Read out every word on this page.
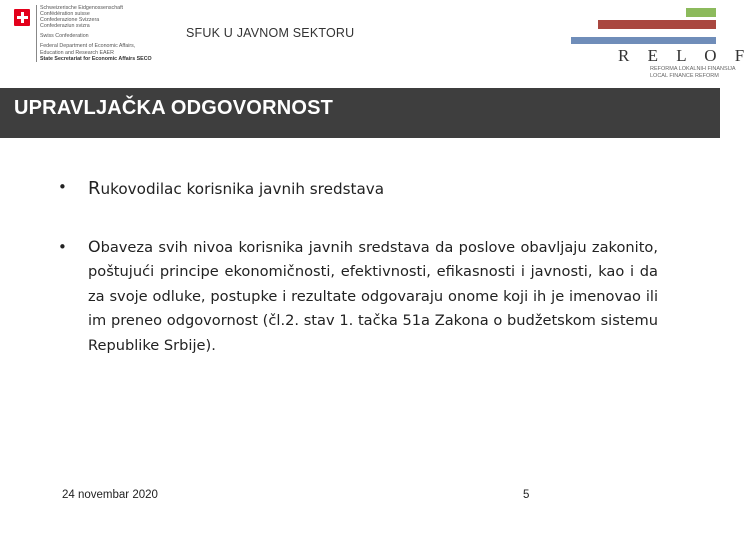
Schweizerische Eidgenossenschaft
Confédération suisse
Confederazione Svizzera
Confederaziun svizra
Swiss Confederation
Federal Department of Economic Affairs,
Education and Research EAER
State Secretariat for Economic Affairs SECO
SFUK U JAVNOM SEKTORU
R E L O F
REFORMA LOKALNIH FINANSIJA
LOCAL FINANCE REFORM
UPRAVLJAČKA ODGOVORNOST
• Rukovodilac korisnika javnih sredstava
• Obaveza svih nivoa korisnika javnih sredstava da poslove obavljaju zakonito, poštujući principe ekonomičnosti, efektivnosti, efikasnosti i javnosti, kao i da za svoje odluke, postupke i rezultate odgovaraju onome koji ih je imenovao ili im preneo odgovornost (čl.2. stav 1. tačka 51a Zakona o budžetskom sistemu Republike Srbije).
24 novembar 2020	5
